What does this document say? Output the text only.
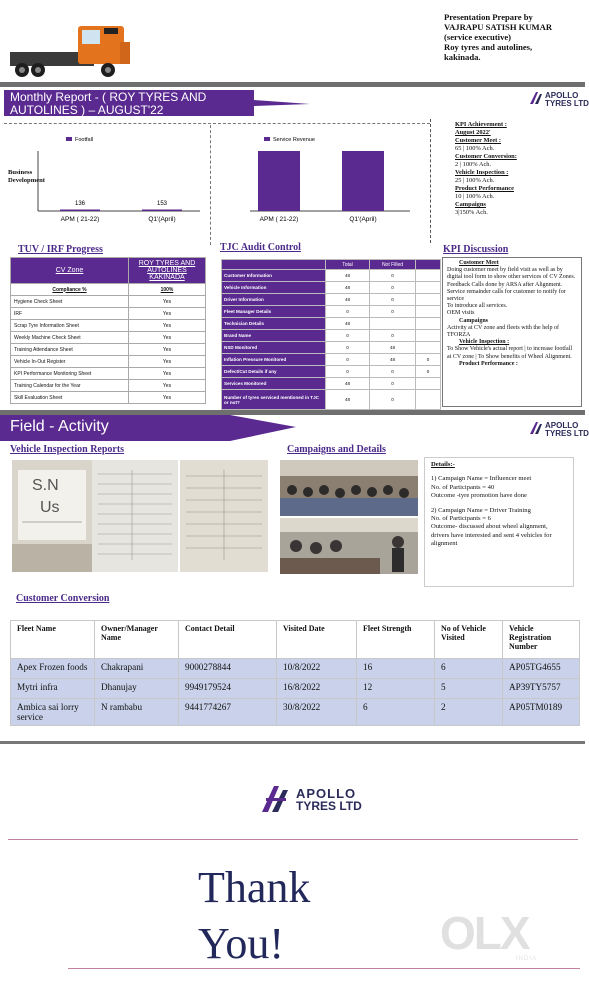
Presentation Prepare by
VAJRAPU SATISH KUMAR
(service executive)
Roy tyres and autolines,
kakinada.
Monthly Report - ( ROY TYRES AND AUTOLINES ) – AUGUST'22
APOLLO
TYRES LTD
Business Development
Footfall
136
APM ( 21-22)
153
Q1'(April)
Service Revenue
APM ( 21-22)	Q1'(April)
KPI Achievement :
August 2022'
Customer Meet :
65 | 100% Ach.
Customer Conversion:
2 | 100% Ach.
Vehicle Inspection :
25 | 100% Ach.
Product Performance
10 | 100% Ach.
Campaigns
3|150% Ach.
TUV / IRF Progress	TJC Audit Control	KPI Discussion
CV Zone	ROY TYRES AND AUTOLINES KAKINADA
Compliance %	100%
Hygiene Check Sheet	Yes
IRF	Yes
Scrap Tyre Information Sheet	Yes
Weekly Machine Check Sheet	Yes
Training Attendance Sheet	Yes
Vehicle In-Out Register	Yes
KPI Performance Monitoring Sheet	Yes
Training Calendar for the Year	Yes
Skill Evaluation Sheet	Yes
	Total	Not Filled	
Customer Information	48	0	
Vehicle Information	48	0	
Driver Information	48	0	
Fleet Manager Details	0	0	
Technician Details	48		
Brand Name	0	0	
NSD Monitored	0	48	
Inflation Pressure Monitored	0	48	0
Defect/Cut Details if any	0	0	0
Services Monitored	48	0	
Number of tyres serviced mentioned in TJC or not?	48	0	
Customer Meet
Doing customer meet by field visit as well as by digital tool form to show other services of CV Zones.
Feedback Calls done by ARSA after Alignment.
Service remainder calls for customer to notify for service
To introduce all services.
OEM visits
Campaigns
Activity at CV zone and fleets with the help of TFORZA
Vehicle Inspection :
To Show Vehicle's actual report | to increase footfall at CV zone | To Show benefits of Wheel Alignment.
Product Performance :
Field - Activity	APOLLO
TYRES LTD
Vehicle Inspection Reports	Campaigns and Details
S.N
Us
Details:-
1) Campaign Name = Influencer meet
No. of Participants = 40
Outcome -tyre promotion have done
2) Campaign Name = Driver Training
No. of Participants = 6
Outcome- discussed about wheel alignment, drivers have interested and sent 4 vehicles for alignment
Customer Conversion
Fleet Name	Owner/Manager Name	Contact Detail	Visited Date	Fleet Strength	No of Vehicle Visited	Vehicle Registration Number
Apex Frozen foods	Chakrapani	9000278844	10/8/2022	16	6	AP05TG4655
Mytri infra	Dhanujay	9949179524	16/8/2022	12	5	AP39TY5757
Ambica sai lorry service	N rambabu	9441774267	30/8/2022	6	2	AP05TM0189
APOLLO
TYRES LTD
Thank
You!	OLX
INDIA
